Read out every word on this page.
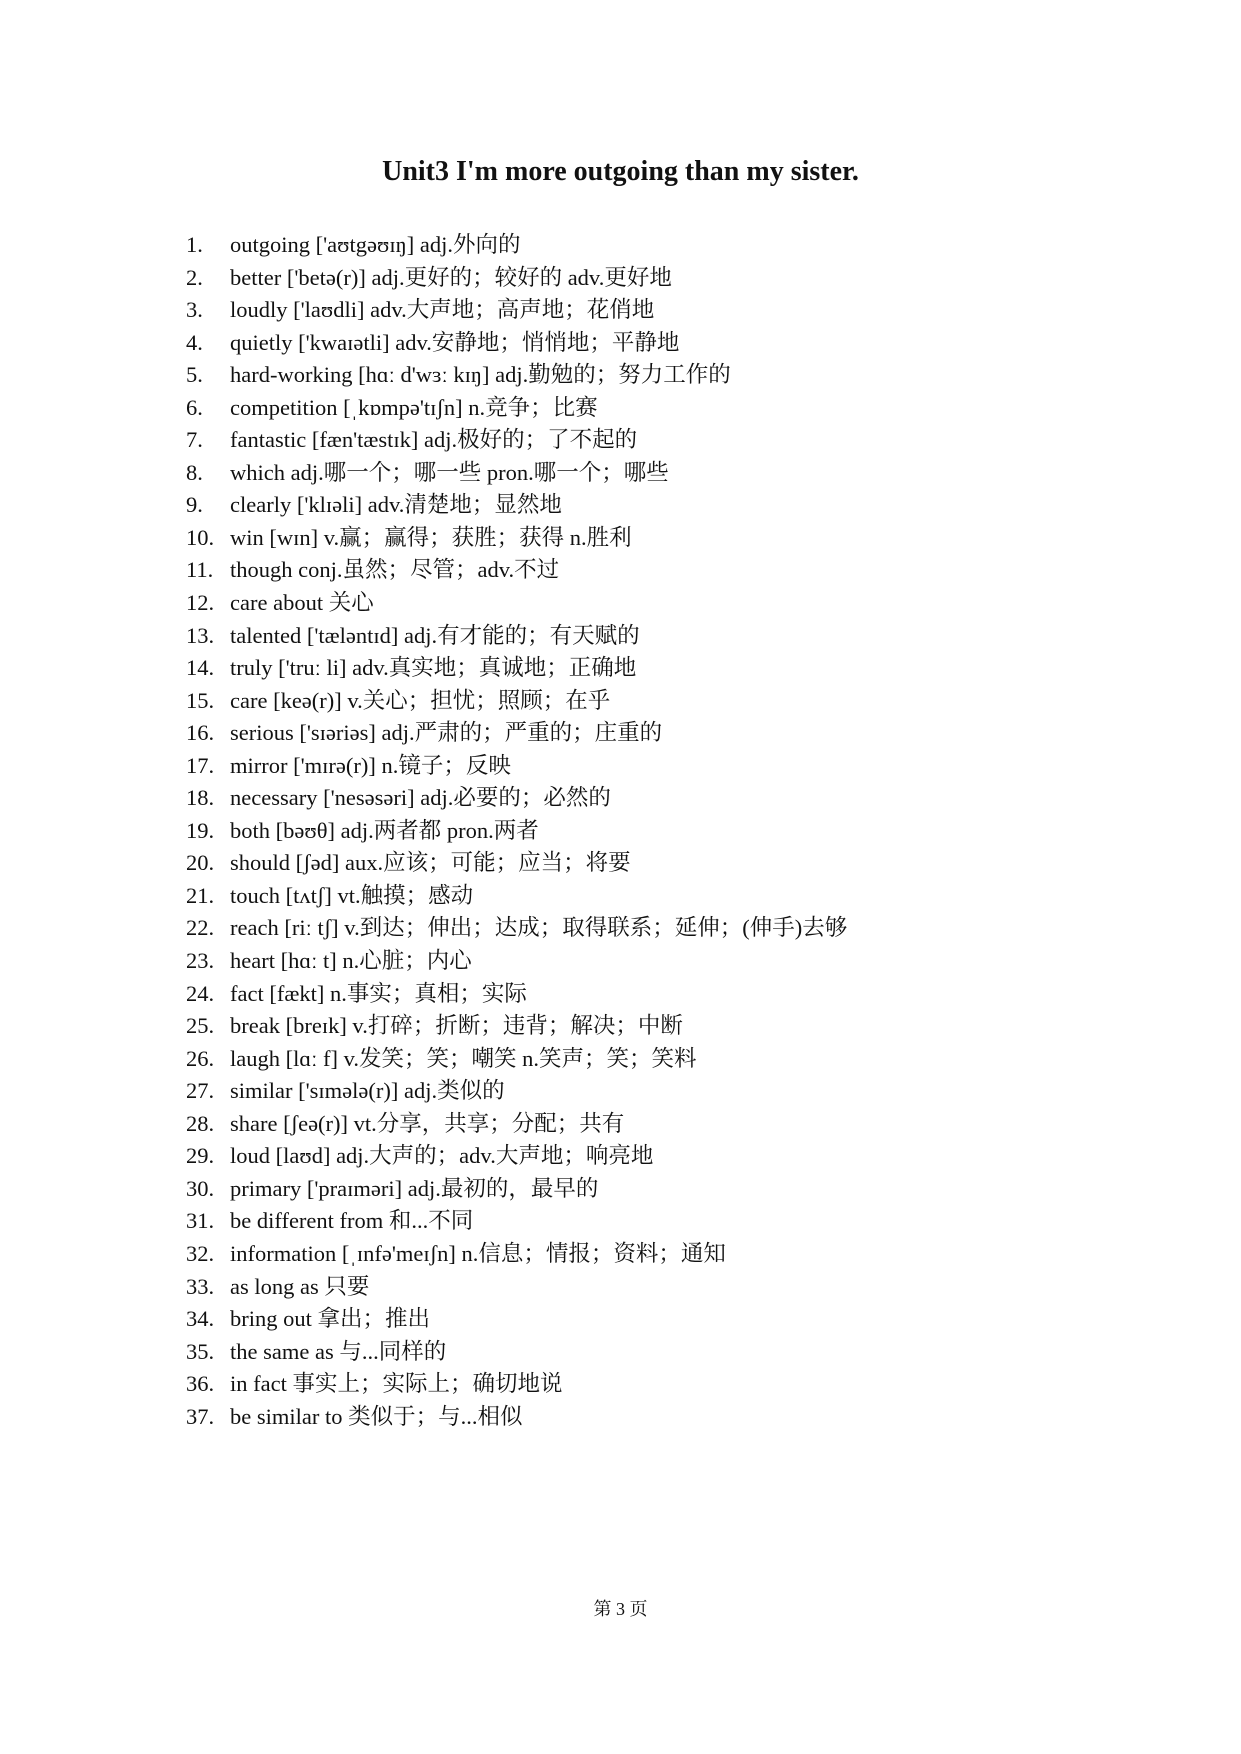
Unit3 I'm more outgoing than my sister.
1.	outgoing ['aʊtgəʊɪŋ] adj.外向的
2.	better ['betə(r)] adj.更好的；较好的 adv.更好地
3.	loudly ['laʊdli] adv.大声地；高声地；花俏地
4.	quietly ['kwaɪətli] adv.安静地；悄悄地；平静地
5.	hard-working [hɑː d'wɜː kɪŋ] adj.勤勉的；努力工作的
6.	competition [ˌkɒmpə'tɪʃn] n.竞争；比赛
7.	fantastic [fæn'tæstɪk] adj.极好的；了不起的
8.	which adj.哪一个；哪一些 pron.哪一个；哪些
9.	clearly ['klɪəli] adv.清楚地；显然地
10. win [wɪn] v.赢；赢得；获胜；获得 n.胜利
11. though conj.虽然；尽管；adv.不过
12. care about 关心
13. talented ['tæləntɪd] adj.有才能的；有天赋的
14. truly ['truː li] adv.真实地；真诚地；正确地
15. care [keə(r)] v.关心；担忧；照顾；在乎
16. serious ['sɪəriəs] adj.严肃的；严重的；庄重的
17. mirror ['mɪrə(r)] n.镜子；反映
18. necessary ['nesəsəri] adj.必要的；必然的
19. both [bəʊθ] adj.两者都 pron.两者
20. should [ʃəd] aux.应该；可能；应当；将要
21. touch [tʌtʃ] vt.触摸；感动
22. reach [riː tʃ] v.到达；伸出；达成；取得联系；延伸；(伸手)去够
23. heart [hɑː t] n.心脏；内心
24. fact [fækt] n.事实；真相；实际
25. break [breɪk] v.打碎；折断；违背；解决；中断
26. laugh [lɑː f] v.发笑；笑；嘲笑 n.笑声；笑；笑料
27. similar ['sɪmələ(r)] adj.类似的
28. share [ʃeə(r)] vt.分享，共享；分配；共有
29. loud [laʊd] adj.大声的；adv.大声地；响亮地
30. primary ['praɪməri] adj.最初的，最早的
31. be different from 和...不同
32. information [ˌɪnfə'meɪʃn] n.信息；情报；资料；通知
33. as long as 只要
34. bring out 拿出；推出
35. the same as 与...同样的
36. in fact 事实上；实际上；确切地说
37. be similar to 类似于；与...相似
第 3 页
